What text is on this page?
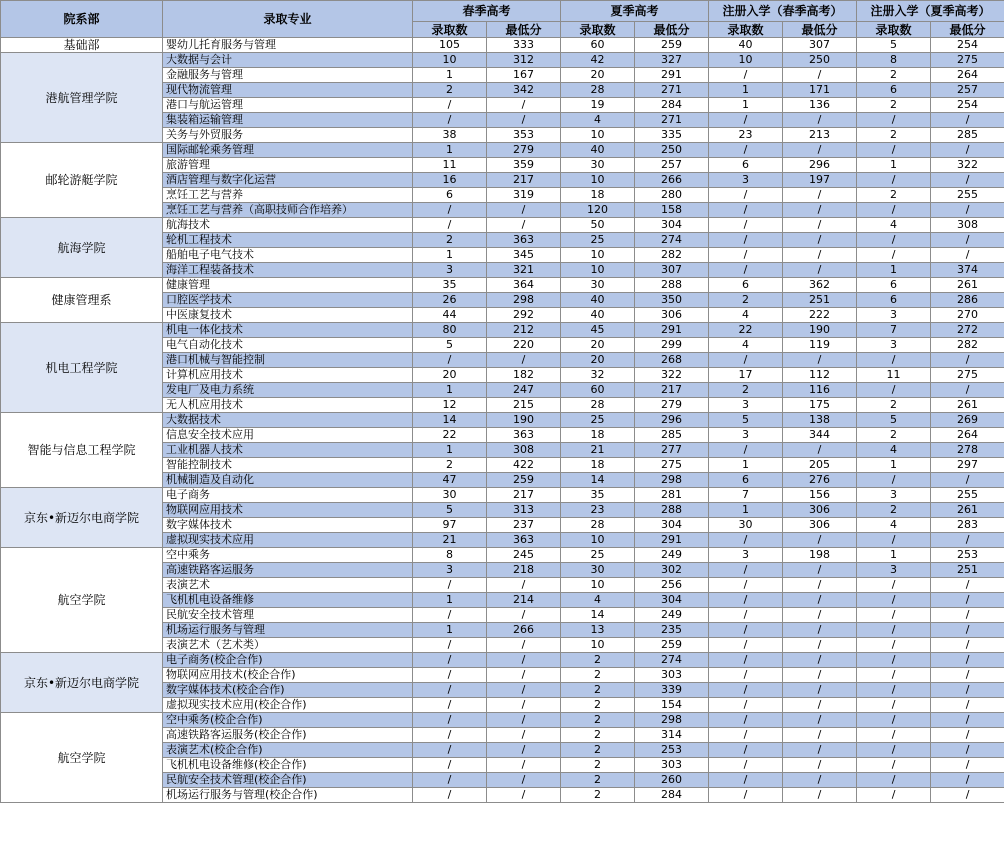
院系部	录取专业	春季高考		夏季高考		注册入学（春季高考）		注册入学（夏季高考）	
		录取数	最低分	录取数	最低分	录取数	最低分	录取数	最低分
基础部	婴幼儿托育服务与管理	105	333	60	259	40	307	5	254
港航管理学院	大数据与会计	10	312	42	327	10	250	8	275
	金融服务与管理	1	167	20	291	/	/	2	264
	现代物流管理	2	342	28	271	1	171	6	257
	港口与航运管理	/	/	19	284	1	136	2	254
	集装箱运输管理	/	/	4	271	/	/	/	/
	关务与外贸服务	38	353	10	335	23	213	2	285
邮轮游艇学院	国际邮轮乘务管理	1	279	40	250	/	/	/	/
	旅游管理	11	359	30	257	6	296	1	322
	酒店管理与数字化运营	16	217	10	266	3	197	/	/
	烹饪工艺与营养	6	319	18	280	/	/	2	255
	烹饪工艺与营养（高职技师合作培养）	/	/	120	158	/	/	/	/
航海学院	航海技术	/	/	50	304	/	/	4	308
	轮机工程技术	2	363	25	274	/	/	/	/
	船舶电子电气技术	1	345	10	282	/	/	/	/
	海洋工程装备技术	3	321	10	307	/	/	1	374
健康管理系	健康管理	35	364	30	288	6	362	6	261
	口腔医学技术	26	298	40	350	2	251	6	286
	中医康复技术	44	292	40	306	4	222	3	270
机电工程学院	机电一体化技术	80	212	45	291	22	190	7	272
	电气自动化技术	5	220	20	299	4	119	3	282
	港口机械与智能控制	/	/	20	268	/	/	/	/
	计算机应用技术	20	182	32	322	17	112	11	275
	发电厂及电力系统	1	247	60	217	2	116	/	/
	无人机应用技术	12	215	28	279	3	175	2	261
智能与信息工程学院	大数据技术	14	190	25	296	5	138	5	269
	信息安全技术应用	22	363	18	285	3	344	2	264
	工业机器人技术	1	308	21	277	/	/	4	278
	智能控制技术	2	422	18	275	1	205	1	297
	机械制造及自动化	47	259	14	298	6	276	/	/
京东•新迈尔电商学院	电子商务	30	217	35	281	7	156	3	255
	物联网应用技术	5	313	23	288	1	306	2	261
	数字媒体技术	97	237	28	304	30	306	4	283
	虚拟现实技术应用	21	363	10	291	/	/	/	/
航空学院	空中乘务	8	245	25	249	3	198	1	253
	高速铁路客运服务	3	218	30	302	/	/	3	251
	表演艺术	/	/	10	256	/	/	/	/
	飞机机电设备维修	1	214	4	304	/	/	/	/
	民航安全技术管理	/	/	14	249	/	/	/	/
	机场运行服务与管理	1	266	13	235	/	/	/	/
	表演艺术（艺术类）	/	/	10	259	/	/	/	/
京东•新迈尔电商学院	电子商务(校企合作)	/	/	2	274	/	/	/	/
	物联网应用技术(校企合作)	/	/	2	303	/	/	/	/
	数字媒体技术(校企合作)	/	/	2	339	/	/	/	/
	虚拟现实技术应用(校企合作)	/	/	2	154	/	/	/	/
航空学院	空中乘务(校企合作)	/	/	2	298	/	/	/	/
	高速铁路客运服务(校企合作)	/	/	2	314	/	/	/	/
	表演艺术(校企合作)	/	/	2	253	/	/	/	/
	飞机机电设备维修(校企合作)	/	/	2	303	/	/	/	/
	民航安全技术管理(校企合作)	/	/	2	260	/	/	/	/
	机场运行服务与管理(校企合作)	/	/	2	284	/	/	/	/
